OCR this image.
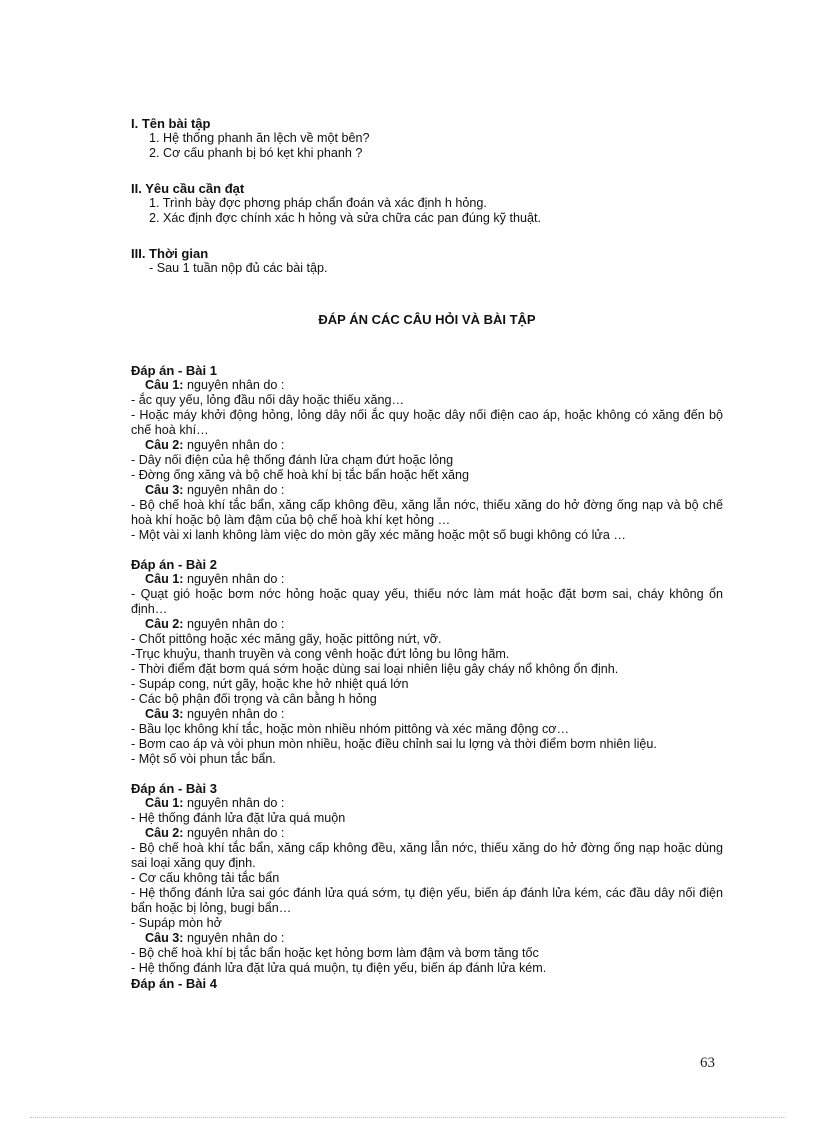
I. Tên bài tập

1. Hệ thống phanh ăn lệch về một bên?

2. Cơ cấu phanh bị bó kẹt khi phanh ?

II. Yêu cầu cần đạt

1. Trình bày đợc phơng pháp chẩn đoán và xác định h hỏng.

2. Xác định đợc chính xác h hỏng và sửa chữa các pan đúng kỹ thuật.

III. Thời gian

- Sau 1 tuần nộp đủ các bài tập.

ĐÁP ÁN CÁC CÂU HỎI VÀ BÀI TẬP

Đáp án - Bài 1

Câu 1: nguyên nhân do :

- ắc quy yếu, lỏng đầu nối dây hoặc thiếu xăng…

- Hoặc máy khởi động hỏng, lỏng dây nối ắc quy hoặc dây nối điện cao áp, hoặc không có xăng đến bộ chế hoà khí…

Câu 2: nguyên nhân do :

- Dây nối điện của hệ thống đánh lửa chạm đứt hoặc lỏng

- Đờng ống xăng và bộ chế hoà khí bị tắc bẩn hoặc hết xăng

Câu 3: nguyên nhân do :

- Bộ chế hoà khí tắc bẩn, xăng cấp không đều, xăng lẫn nớc, thiếu xăng do hở đờng ống nạp và bộ chế hoà khí hoặc bộ làm đậm của bộ chế hoà khí kẹt hỏng …

- Một vài xi lanh không làm việc do mòn gãy xéc măng hoặc một số bugi không có lửa …

Đáp án - Bài 2

Câu 1: nguyên nhân do :

- Quạt gió hoặc bơm nớc hỏng hoặc quay yếu, thiếu nớc làm mát hoặc đặt bơm sai, cháy không ổn định…

Câu 2: nguyên nhân do :

- Chốt pittông hoặc xéc măng gãy, hoặc pittông nứt, vỡ.

-Trục khuỷu, thanh truyền và cong vênh hoặc đứt lỏng bu lông hãm.

- Thời điểm đặt bơm quá sớm hoặc dùng sai loại nhiên liệu gây cháy nổ không ổn định.

- Supáp cong, nứt gãy, hoặc khe hở nhiệt quá lớn

- Các bộ phận đối trọng và cân bằng h hỏng

Câu 3: nguyên nhân do :

- Bầu lọc không khí tắc, hoặc mòn nhiều nhóm pittông và xéc măng động cơ…

- Bơm cao áp và vòi phun mòn nhiều, hoặc điều chỉnh sai lu lợng và thời điểm bơm nhiên liệu.

- Một số vòi phun tắc bẩn.

Đáp án - Bài 3

Câu 1: nguyên nhân do :

- Hệ thống đánh lửa đặt lửa quá muộn

Câu 2: nguyên nhân do :

- Bộ chế hoà khí tắc bẩn, xăng cấp không đều, xăng lẫn nớc, thiếu xăng do hở đờng ống nạp hoặc dùng sai loại xăng quy định.

- Cơ cấu không tải tắc bẩn

- Hệ thống đánh lửa sai góc đánh lửa quá sớm, tụ điện yếu, biến áp đánh lửa kém, các đầu dây nối điện bẩn hoặc bị lỏng, bugi bẩn…

- Supáp mòn hở

Câu 3: nguyên nhân do :

- Bộ chế hoà khí bị tắc bẩn hoặc kẹt hỏng bơm làm đậm và bơm tăng tốc

- Hệ thống đánh lửa đặt lửa quá muộn, tụ điện yếu, biến áp đánh lửa kém.

Đáp án - Bài 4

63
